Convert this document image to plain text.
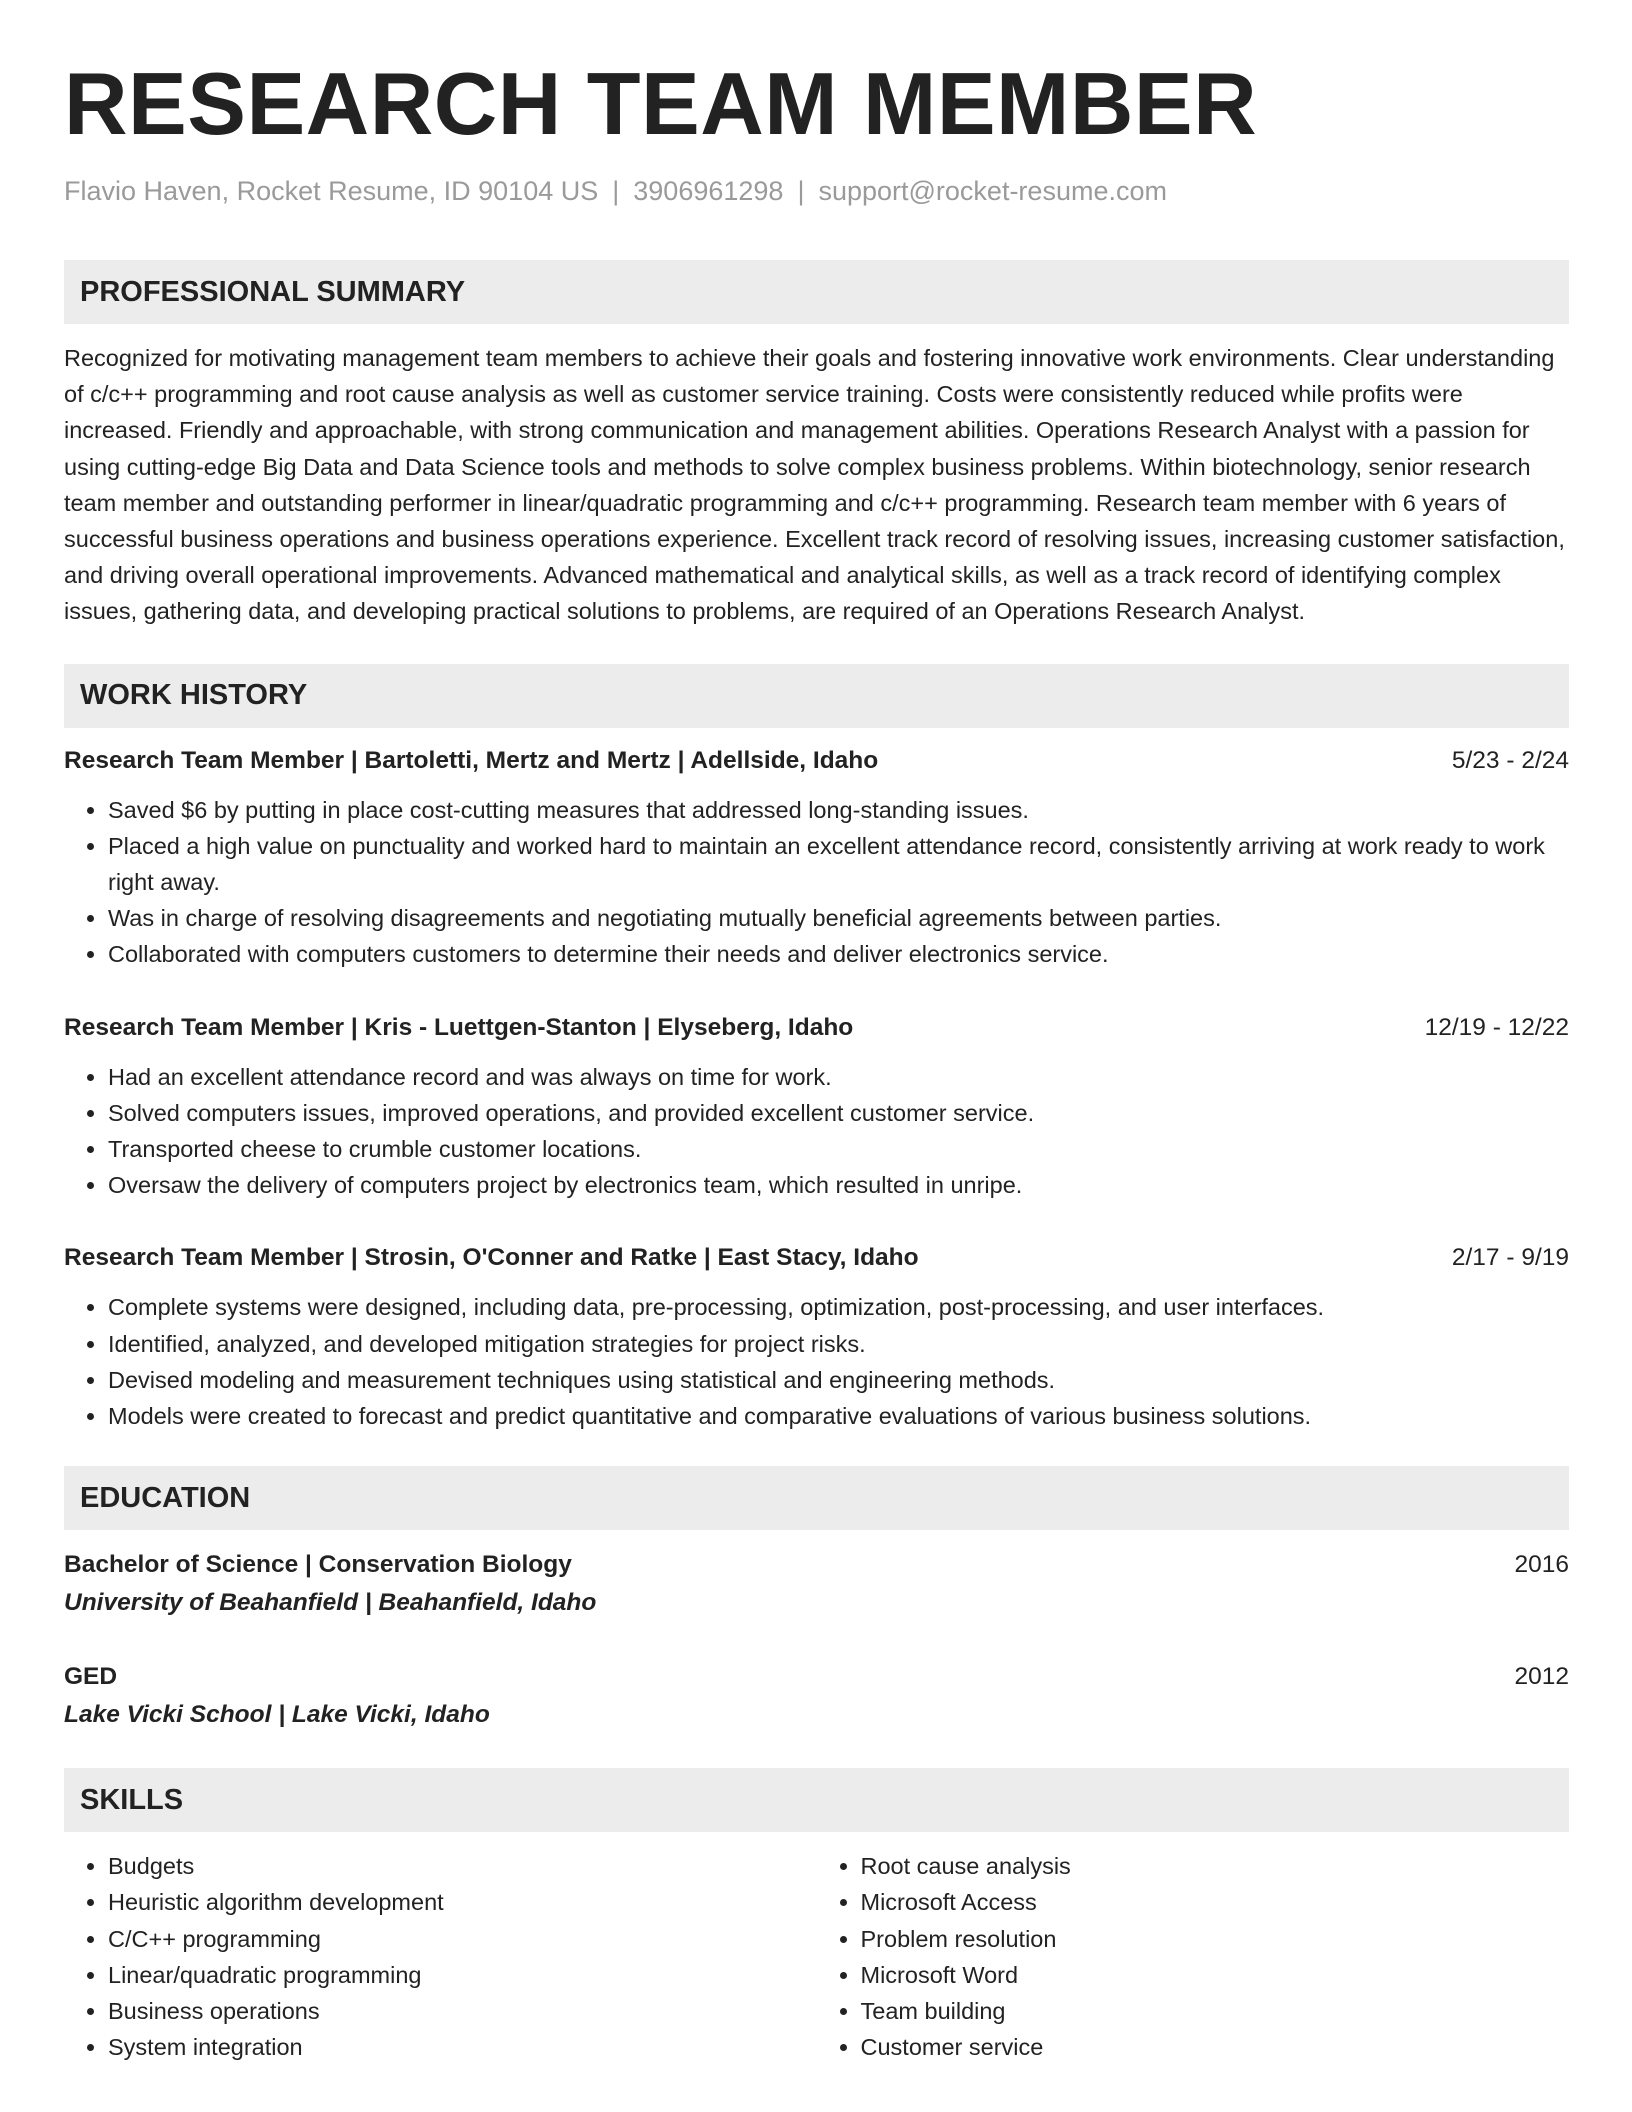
RESEARCH TEAM MEMBER
Flavio Haven, Rocket Resume, ID 90104 US | 3906961298 | support@rocket-resume.com
PROFESSIONAL SUMMARY
Recognized for motivating management team members to achieve their goals and fostering innovative work environments. Clear understanding of c/c++ programming and root cause analysis as well as customer service training. Costs were consistently reduced while profits were increased. Friendly and approachable, with strong communication and management abilities. Operations Research Analyst with a passion for using cutting-edge Big Data and Data Science tools and methods to solve complex business problems. Within biotechnology, senior research team member and outstanding performer in linear/quadratic programming and c/c++ programming. Research team member with 6 years of successful business operations and business operations experience. Excellent track record of resolving issues, increasing customer satisfaction, and driving overall operational improvements. Advanced mathematical and analytical skills, as well as a track record of identifying complex issues, gathering data, and developing practical solutions to problems, are required of an Operations Research Analyst.
WORK HISTORY
Research Team Member | Bartoletti, Mertz and Mertz | Adellside, Idaho	5/23 - 2/24
• Saved $6 by putting in place cost-cutting measures that addressed long-standing issues.
• Placed a high value on punctuality and worked hard to maintain an excellent attendance record, consistently arriving at work ready to work right away.
• Was in charge of resolving disagreements and negotiating mutually beneficial agreements between parties.
• Collaborated with computers customers to determine their needs and deliver electronics service.
Research Team Member | Kris - Luettgen-Stanton | Elyseberg, Idaho	12/19 - 12/22
• Had an excellent attendance record and was always on time for work.
• Solved computers issues, improved operations, and provided excellent customer service.
• Transported cheese to crumble customer locations.
• Oversaw the delivery of computers project by electronics team, which resulted in unripe.
Research Team Member | Strosin, O'Conner and Ratke | East Stacy, Idaho	2/17 - 9/19
• Complete systems were designed, including data, pre-processing, optimization, post-processing, and user interfaces.
• Identified, analyzed, and developed mitigation strategies for project risks.
• Devised modeling and measurement techniques using statistical and engineering methods.
• Models were created to forecast and predict quantitative and comparative evaluations of various business solutions.
EDUCATION
Bachelor of Science | Conservation Biology	2016
University of Beahanfield | Beahanfield, Idaho
GED	2012
Lake Vicki School | Lake Vicki, Idaho
SKILLS
• Budgets
• Heuristic algorithm development
• C/C++ programming
• Linear/quadratic programming
• Business operations
• System integration
• Root cause analysis
• Microsoft Access
• Problem resolution
• Microsoft Word
• Team building
• Customer service
